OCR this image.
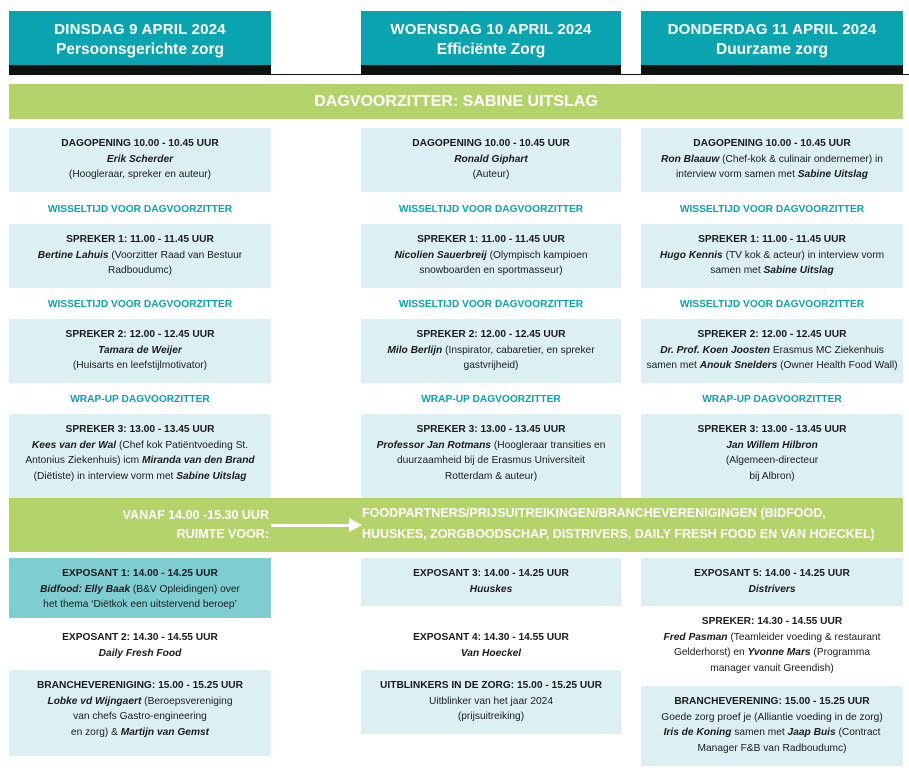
DINSDAG 9 APRIL 2024
Persoonsgerichte zorg
WOENSDAG 10 APRIL 2024
Efficiënte Zorg
DONDERDAG 11 APRIL 2024
Duurzame zorg
DAGVOORZITTER: SABINE UITSLAG
DAGOPENING 10.00 - 10.45 UUR
Erik Scherder
(Hoogleraar, spreker en auteur)
WISSELTIJD VOOR DAGVOORZITTER
SPREKER 1: 11.00 - 11.45 UUR
Bertine Lahuis (Voorzitter Raad van Bestuur
Radboudumc)
WISSELTIJD VOOR DAGVOORZITTER
SPREKER 2: 12.00 - 12.45 UUR
Tamara de Weijer
(Huisarts en leefstijlmotivator)
WRAP-UP DAGVOORZITTER
SPREKER 3: 13.00 - 13.45 UUR
Kees van der Wal (Chef kok Patiëntvoeding St.
Antonius Ziekenhuis) icm Miranda van den Brand
(Diëtiste) in interview vorm met Sabine Uitslag
VANAF 14.00 -15.30 UUR
RUIMTE VOOR:
FOODPARTNERS/PRIJSUITREIKINGEN/BRANCHEVERENIGINGEN (BIDFOOD,
HUUSKES, ZORGBOODSCHAP, DISTRIVERS, DAILY FRESH FOOD EN VAN HOECKEL)
EXPOSANT 1: 14.00 - 14.25 UUR
Bidfood: Elly Baak (B&V Opleidingen) over
het thema ‘Diëtkok een uitstervend beroep’
EXPOSANT 2: 14.30 - 14.55 UUR
Daily Fresh Food
BRANCHEVERENIGING: 15.00 - 15.25 UUR
Lobke vd Wijngaert (Beroepsvereniging
van chefs Gastro-engineering
en zorg) & Martijn van Gemst
DAGOPENING 10.00 - 10.45 UUR
Ronald Giphart
(Auteur)
WISSELTIJD VOOR DAGVOORZITTER
SPREKER 1: 11.00 - 11.45 UUR
Nicolien Sauerbreij (Olympisch kampioen
snowboarden en sportmasseur)
WISSELTIJD VOOR DAGVOORZITTER
SPREKER 2: 12.00 - 12.45 UUR
Milo Berlijn (Inspirator, cabaretier, en spreker
gastvrijheid)
WRAP-UP DAGVOORZITTER
SPREKER 3: 13.00 - 13.45 UUR
Professor Jan Rotmans (Hoogleraar transities en
duurzaamheid bij de Erasmus Universiteit
Rotterdam & auteur)
EXPOSANT 3: 14.00 - 14.25 UUR
Huuskes
EXPOSANT 4: 14.30 - 14.55 UUR
Van Hoeckel
UITBLINKERS IN DE ZORG: 15.00 - 15.25 UUR
Uitblinker van het jaar 2024
(prijsuitreiking)
DAGOPENING 10.00 - 10.45 UUR
Ron Blaauw (Chef-kok & culinair ondernemer) in
interview vorm samen met Sabine Uitslag
WISSELTIJD VOOR DAGVOORZITTER
SPREKER 1: 11.00 - 11.45 UUR
Hugo Kennis (TV kok & acteur) in interview vorm
samen met Sabine Uitslag
WISSELTIJD VOOR DAGVOORZITTER
SPREKER 2: 12.00 - 12.45 UUR
Dr. Prof. Koen Joosten Erasmus MC Ziekenhuis
samen met Anouk Snelders (Owner Health Food Wall)
WRAP-UP DAGVOORZITTER
SPREKER 3: 13.00 - 13.45 UUR
Jan Willem Hilbron
(Algemeen-directeur
bij Albron)
EXPOSANT 5: 14.00 - 14.25 UUR
Distrivers
SPREKER: 14.30 - 14.55 UUR
Fred Pasman (Teamleider voeding & restaurant
Gelderhorst) en Yvonne Mars (Programma
manager vanuit Greendish)
BRANCHEVERENING: 15.00 - 15.25 UUR
Goede zorg proef je (Alliantie voeding in de zorg)
Iris de Koning samen met Jaap Buis (Contract
Manager F&B van Radboudumc)
